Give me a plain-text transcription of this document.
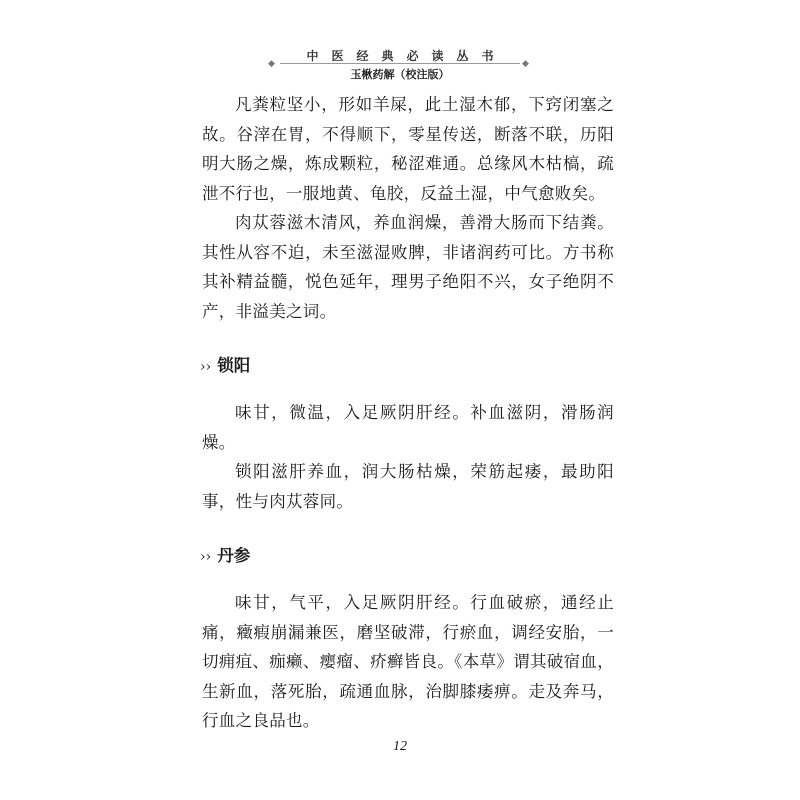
中医经典必读丛书
◆	◆
玉楸药解（校注版）

凡粪粒坚小，形如羊屎，此土湿木郁，下窍闭塞之故。谷滓在胃，不得顺下，零星传送，断落不联，历阳明大肠之燥，炼成颗粒，秘涩难通。总缘风木枯槁，疏泄不行也，一服地黄、龟胶，反益土湿，中气愈败矣。

肉苁蓉滋木清风，养血润燥，善滑大肠而下结粪。其性从容不迫，未至滋湿败脾，非诸润药可比。方书称其补精益髓，悦色延年，理男子绝阳不兴，女子绝阴不产，非溢美之词。

›› 锁阳

味甘，微温，入足厥阴肝经。补血滋阴，滑肠润燥。

锁阳滋肝养血，润大肠枯燥，荣筋起痿，最助阳事，性与肉苁蓉同。

›› 丹参

味甘，气平，入足厥阴肝经。行血破瘀，通经止痛，癥瘕崩漏兼医，磨坚破滞，行瘀血，调经安胎，一切痈疽、痂癞、瘿瘤、疥癣皆良。《本草》谓其破宿血，生新血，落死胎，疏通血脉，治脚膝痿痹。走及奔马，行血之良品也。

12
